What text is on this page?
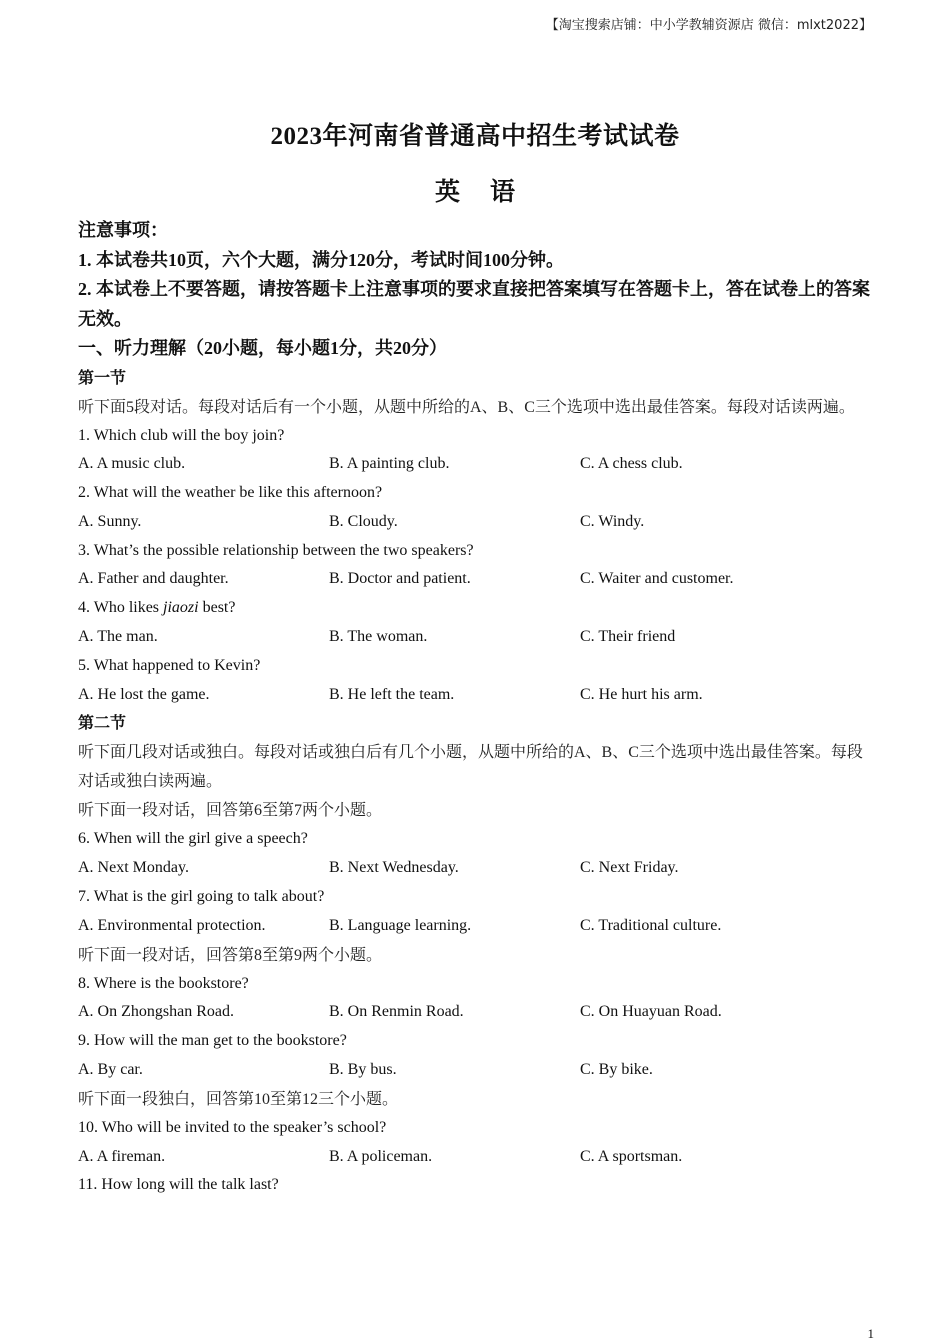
【淘宝搜索店铺：中小学教辅资源店 微信：mlxt2022】
2023年河南省普通高中招生考试试卷
英语
注意事项：
1. 本试卷共10页，六个大题，满分120分，考试时间100分钟。
2. 本试卷上不要答题，请按答题卡上注意事项的要求直接把答案填写在答题卡上，答在试卷上的答案无效。
一、听力理解（20小题，每小题1分，共20分）
第一节
听下面5段对话。每段对话后有一个小题，从题中所给的A、B、C三个选项中选出最佳答案。每段对话读两遍。
1. Which club will the boy join?
A. A music club.	B. A painting club.	C. A chess club.
2. What will the weather be like this afternoon?
A. Sunny.	B. Cloudy.	C. Windy.
3. What’s the possible relationship between the two speakers?
A. Father and daughter.	B. Doctor and patient.	C. Waiter and customer.
4. Who likes jiaozi best?
A. The man.	B. The woman.	C. Their friend
5. What happened to Kevin?
A. He lost the game.	B. He left the team.	C. He hurt his arm.
第二节
听下面几段对话或独白。每段对话或独白后有几个小题，从题中所给的A、B、C三个选项中选出最佳答案。每段对话或独白读两遍。
听下面一段对话，回答第6至第7两个小题。
6. When will the girl give a speech?
A. Next Monday.	B. Next Wednesday.	C. Next Friday.
7. What is the girl going to talk about?
A. Environmental protection.	B. Language learning.	C. Traditional culture.
听下面一段对话，回答第8至第9两个小题。
8. Where is the bookstore?
A. On Zhongshan Road.	B. On Renmin Road.	C. On Huayuan Road.
9. How will the man get to the bookstore?
A. By car.	B. By bus.	C. By bike.
听下面一段独白，回答第10至第12三个小题。
10. Who will be invited to the speaker’s school?
A. A fireman.	B. A policeman.	C. A sportsman.
11. How long will the talk last?
1
